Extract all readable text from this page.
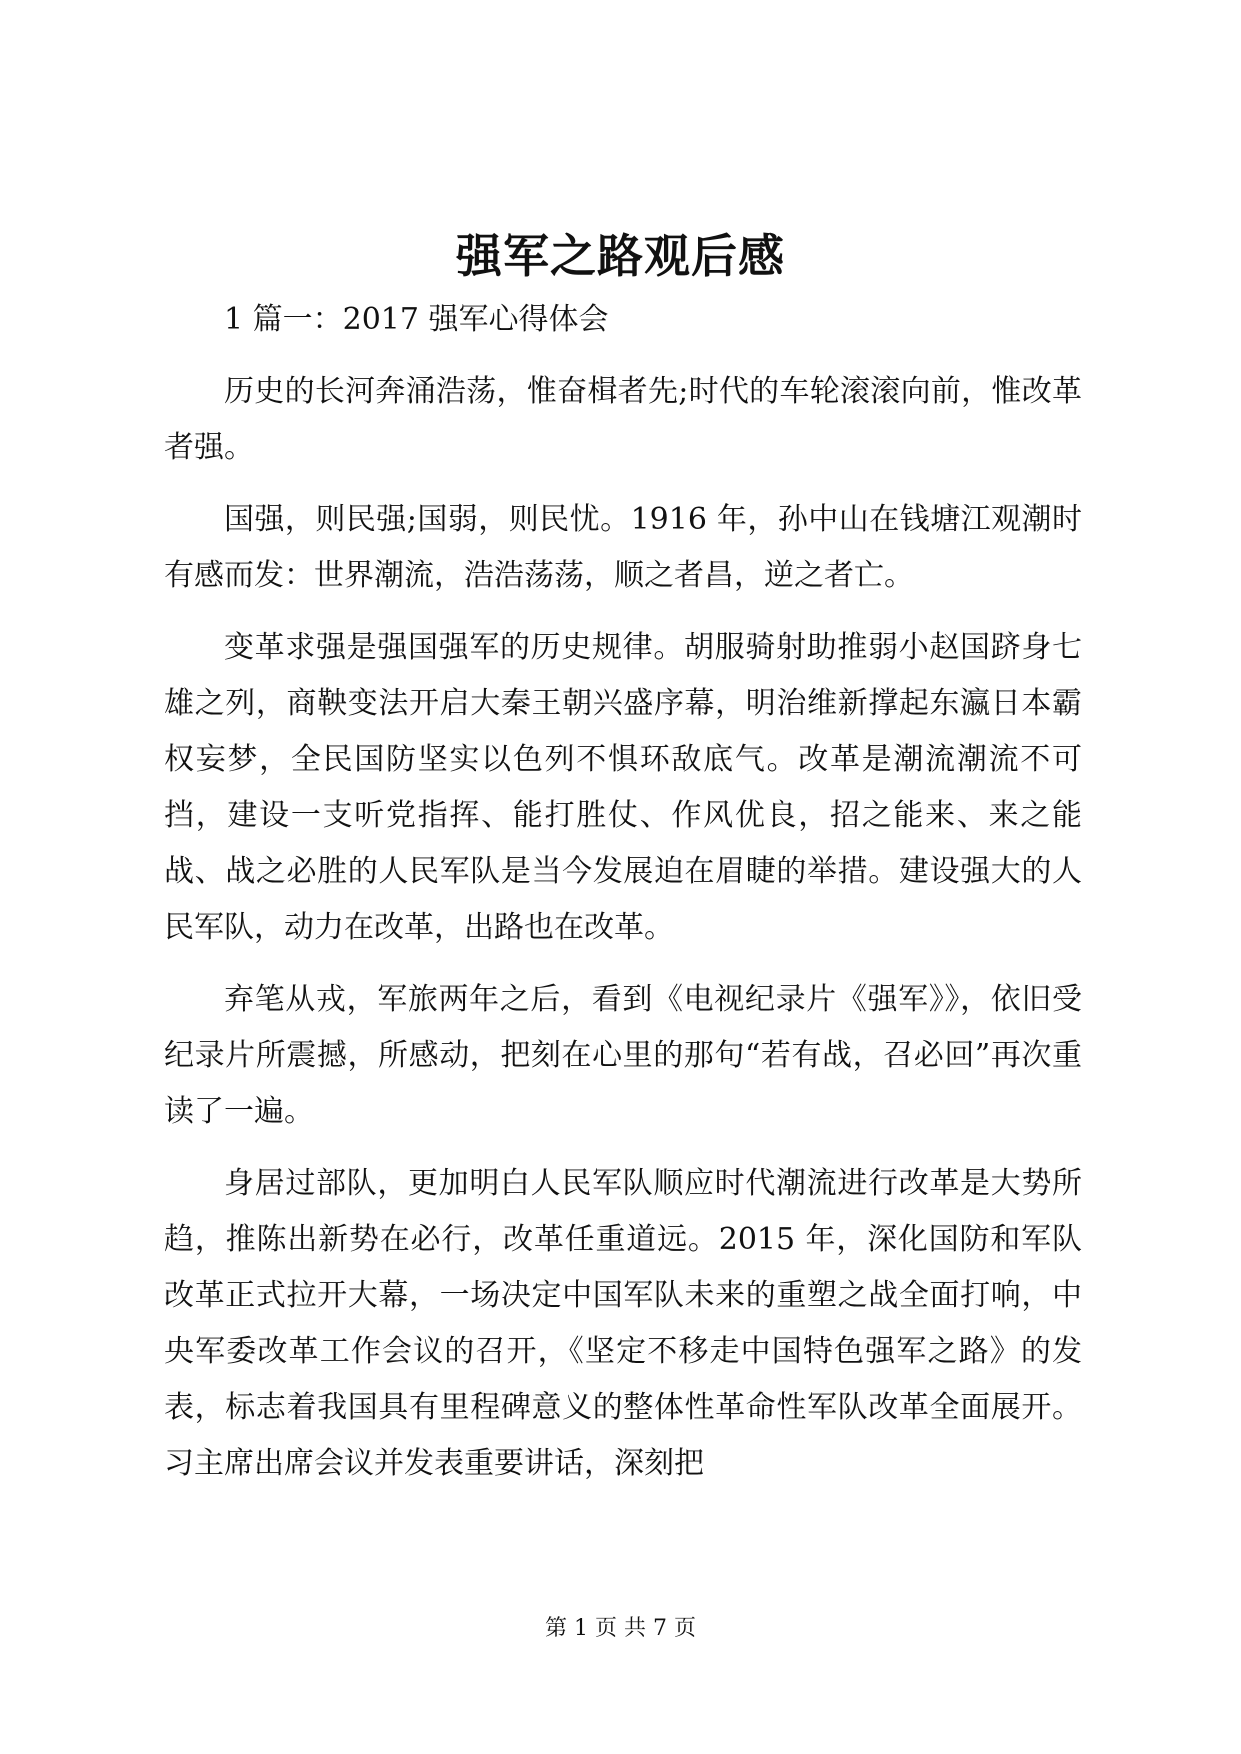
强军之路观后感

1 篇一：2017 强军心得体会

历史的长河奔涌浩荡，惟奋楫者先;时代的车轮滚滚向前，惟改革者强。

国强，则民强;国弱，则民忧。1916 年，孙中山在钱塘江观潮时有感而发：世界潮流，浩浩荡荡，顺之者昌，逆之者亡。

变革求强是强国强军的历史规律。胡服骑射助推弱小赵国跻身七雄之列，商鞅变法开启大秦王朝兴盛序幕，明治维新撑起东瀛日本霸权妄梦，全民国防坚实以色列不惧环敌底气。改革是潮流潮流不可挡，建设一支听党指挥、能打胜仗、作风优良，招之能来、来之能战、战之必胜的人民军队是当今发展迫在眉睫的举措。建设强大的人民军队，动力在改革，出路也在改革。

弃笔从戎，军旅两年之后，看到《电视纪录片《强军》》，依旧受纪录片所震撼，所感动，把刻在心里的那句“若有战，召必回”再次重读了一遍。

身居过部队，更加明白人民军队顺应时代潮流进行改革是大势所趋，推陈出新势在必行，改革任重道远。2015 年，深化国防和军队改革正式拉开大幕，一场决定中国军队未来的重塑之战全面打响，中央军委改革工作会议的召开，《坚定不移走中国特色强军之路》的发表，标志着我国具有里程碑意义的整体性革命性军队改革全面展开。习主席出席会议并发表重要讲话，深刻把

第 1 页 共 7 页
